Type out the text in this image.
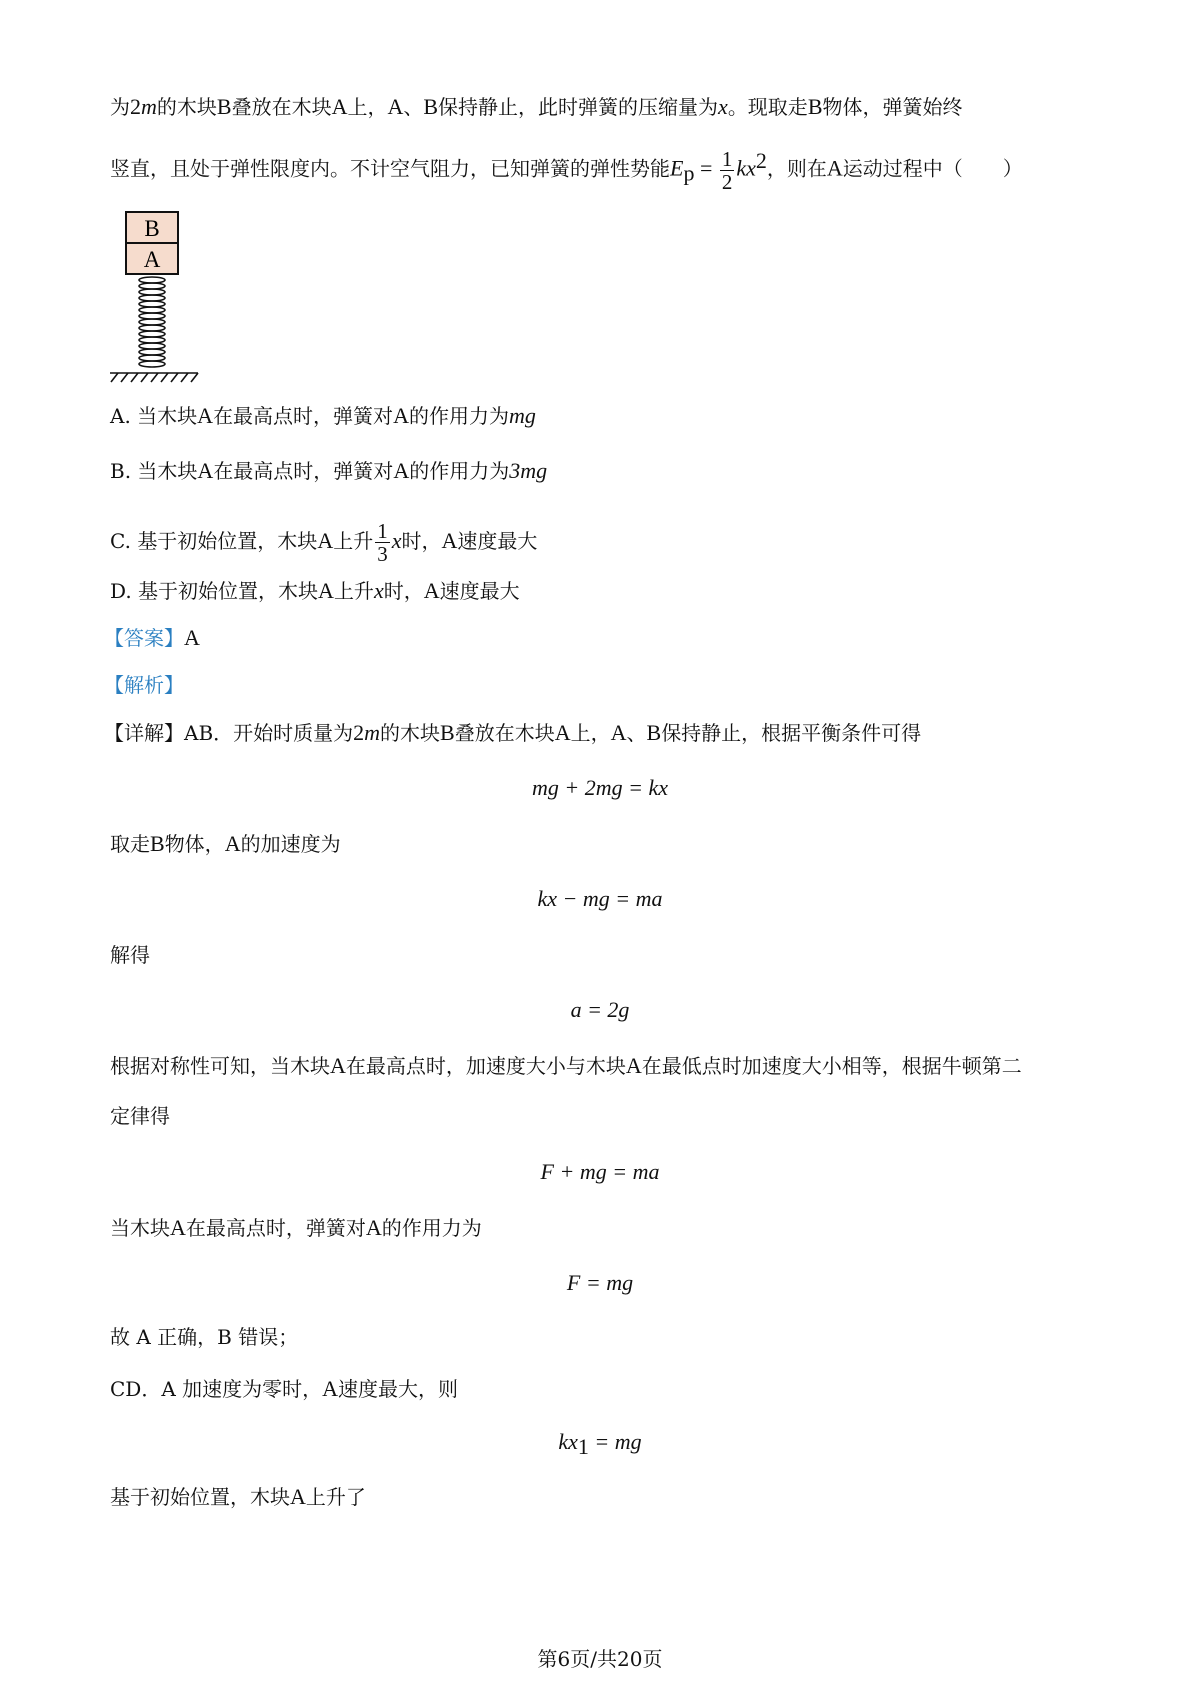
为2m的木块B叠放在木块A上，A、B保持静止，此时弹簧的压缩量为x。现取走B物体，弹簧始终
竖直，且处于弹性限度内。不计空气阻力，已知弹簧的弹性势能$E_p = \frac{1}{2} kx^2$，则在A运动过程中（　　）
B
A
A. 当木块A在最高点时，弹簧对A的作用力为mg
B. 当木块A在最高点时，弹簧对A的作用力为3mg
C. 基于初始位置，木块A上升 $\frac{1}{3}$ x时，A速度最大
D. 基于初始位置，木块A上升x时，A速度最大
【答案】A
【解析】
【详解】AB．开始时质量为2m的木块B叠放在木块A上，A、B保持静止，根据平衡条件可得
mg + 2mg = kx
取走B物体，A的加速度为
kx − mg = ma
解得
a = 2g
根据对称性可知，当木块A在最高点时，加速度大小与木块A在最低点时加速度大小相等，根据牛顿第二
定律得
F + mg = ma
当木块A在最高点时，弹簧对A的作用力为
F = mg
故 A 正确，B 错误；
CD．A 加速度为零时，A速度最大，则
$kx_1$ = mg
基于初始位置，木块A上升了
第6页/共20页
